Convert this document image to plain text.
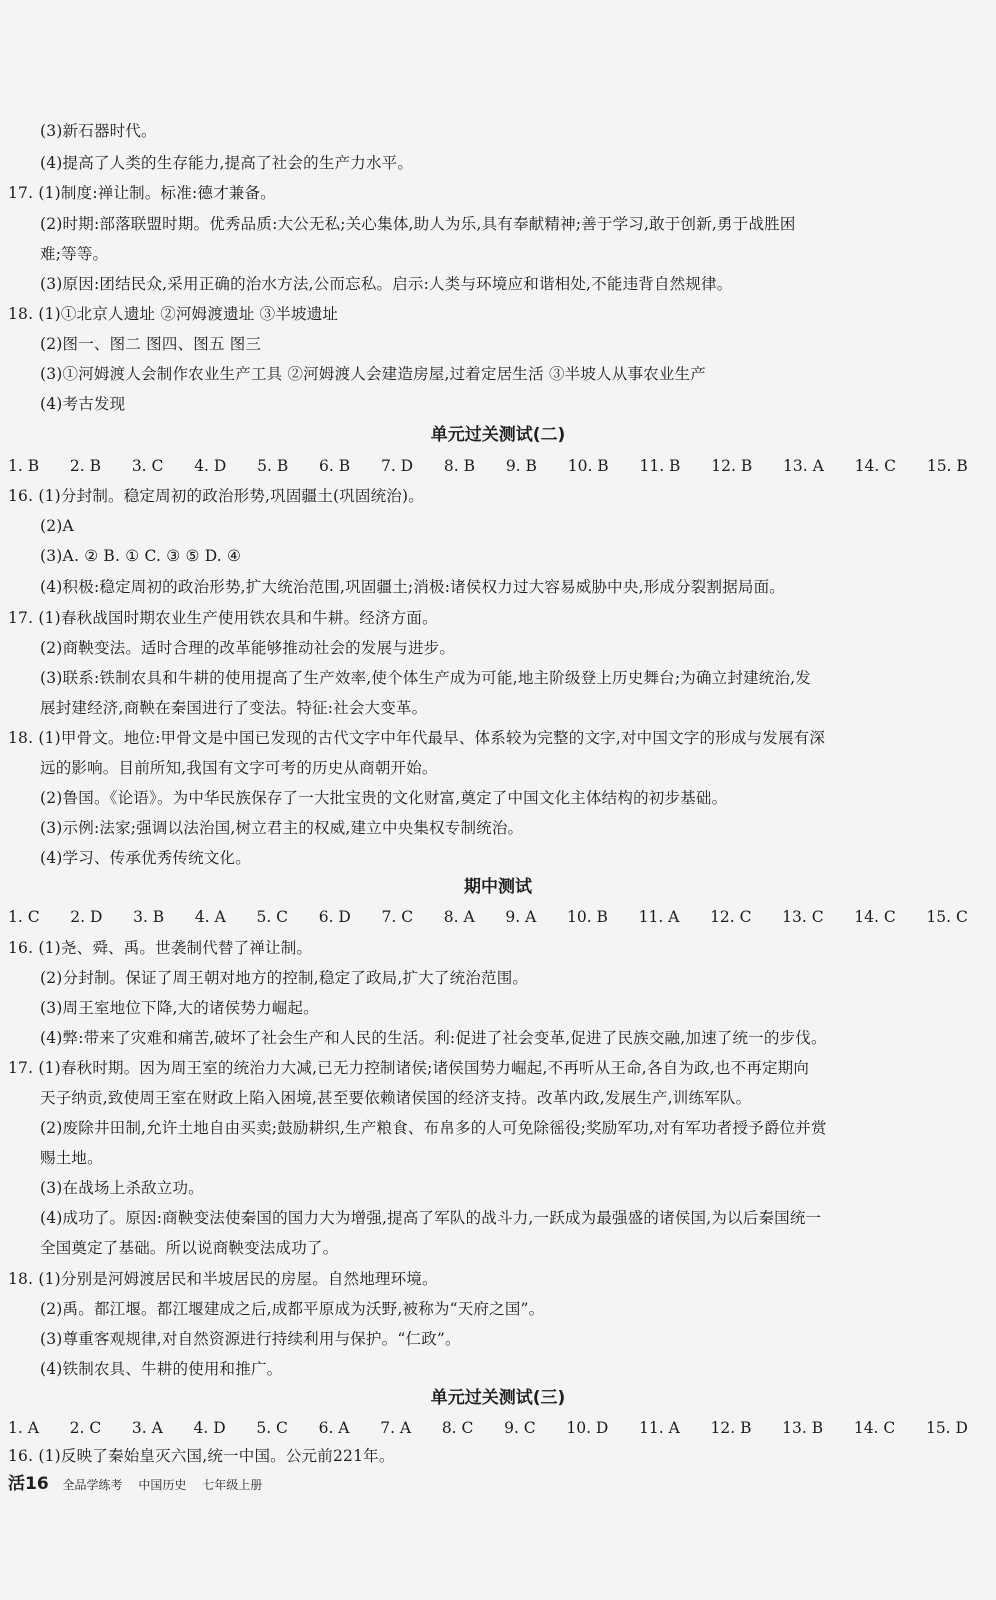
(3)新石器时代。
(4)提高了人类的生存能力,提高了社会的生产力水平。
17. (1)制度:禅让制。标准:德才兼备。
(2)时期:部落联盟时期。优秀品质:大公无私;关心集体,助人为乐,具有奉献精神;善于学习,敢于创新,勇于战胜困
难;等等。
(3)原因:团结民众,采用正确的治水方法,公而忘私。启示:人类与环境应和谐相处,不能违背自然规律。
18. (1)①北京人遗址 ②河姆渡遗址 ③半坡遗址
(2)图一、图二 图四、图五 图三
(3)①河姆渡人会制作农业生产工具 ②河姆渡人会建造房屋,过着定居生活 ③半坡人从事农业生产
(4)考古发现
单元过关测试(二)
1. B 2. B 3. C 4. D 5. B 6. B 7. D 8. B 9. B 10. B 11. B 12. B 13. A 14. C 15. B
16. (1)分封制。稳定周初的政治形势,巩固疆土(巩固统治)。
(2)A
(3)A. ② B. ① C. ③ ⑤ D. ④
(4)积极:稳定周初的政治形势,扩大统治范围,巩固疆土;消极:诸侯权力过大容易威胁中央,形成分裂割据局面。
17. (1)春秋战国时期农业生产使用铁农具和牛耕。经济方面。
(2)商鞅变法。适时合理的改革能够推动社会的发展与进步。
(3)联系:铁制农具和牛耕的使用提高了生产效率,使个体生产成为可能,地主阶级登上历史舞台;为确立封建统治,发
展封建经济,商鞅在秦国进行了变法。特征:社会大变革。
18. (1)甲骨文。地位:甲骨文是中国已发现的古代文字中年代最早、体系较为完整的文字,对中国文字的形成与发展有深
远的影响。目前所知,我国有文字可考的历史从商朝开始。
(2)鲁国。《论语》。为中华民族保存了一大批宝贵的文化财富,奠定了中国文化主体结构的初步基础。
(3)示例:法家;强调以法治国,树立君主的权威,建立中央集权专制统治。
(4)学习、传承优秀传统文化。
期中测试
1. C 2. D 3. B 4. A 5. C 6. D 7. C 8. A 9. A 10. B 11. A 12. C 13. C 14. C 15. C
16. (1)尧、舜、禹。世袭制代替了禅让制。
(2)分封制。保证了周王朝对地方的控制,稳定了政局,扩大了统治范围。
(3)周王室地位下降,大的诸侯势力崛起。
(4)弊:带来了灾难和痛苦,破坏了社会生产和人民的生活。利:促进了社会变革,促进了民族交融,加速了统一的步伐。
17. (1)春秋时期。因为周王室的统治力大减,已无力控制诸侯;诸侯国势力崛起,不再听从王命,各自为政,也不再定期向
天子纳贡,致使周王室在财政上陷入困境,甚至要依赖诸侯国的经济支持。改革内政,发展生产,训练军队。
(2)废除井田制,允许土地自由买卖;鼓励耕织,生产粮食、布帛多的人可免除徭役;奖励军功,对有军功者授予爵位并赏
赐土地。
(3)在战场上杀敌立功。
(4)成功了。原因:商鞅变法使秦国的国力大为增强,提高了军队的战斗力,一跃成为最强盛的诸侯国,为以后秦国统一
全国奠定了基础。所以说商鞅变法成功了。
18. (1)分别是河姆渡居民和半坡居民的房屋。自然地理环境。
(2)禹。都江堰。都江堰建成之后,成都平原成为沃野,被称为“天府之国”。
(3)尊重客观规律,对自然资源进行持续利用与保护。“仁政”。
(4)铁制农具、牛耕的使用和推广。
单元过关测试(三)
1. A 2. C 3. A 4. D 5. C 6. A 7. A 8. C 9. C 10. D 11. A 12. B 13. B 14. C 15. D
16. (1)反映了秦始皇灭六国,统一中国。公元前221年。
活16 全品学练考 中国历史 七年级上册
